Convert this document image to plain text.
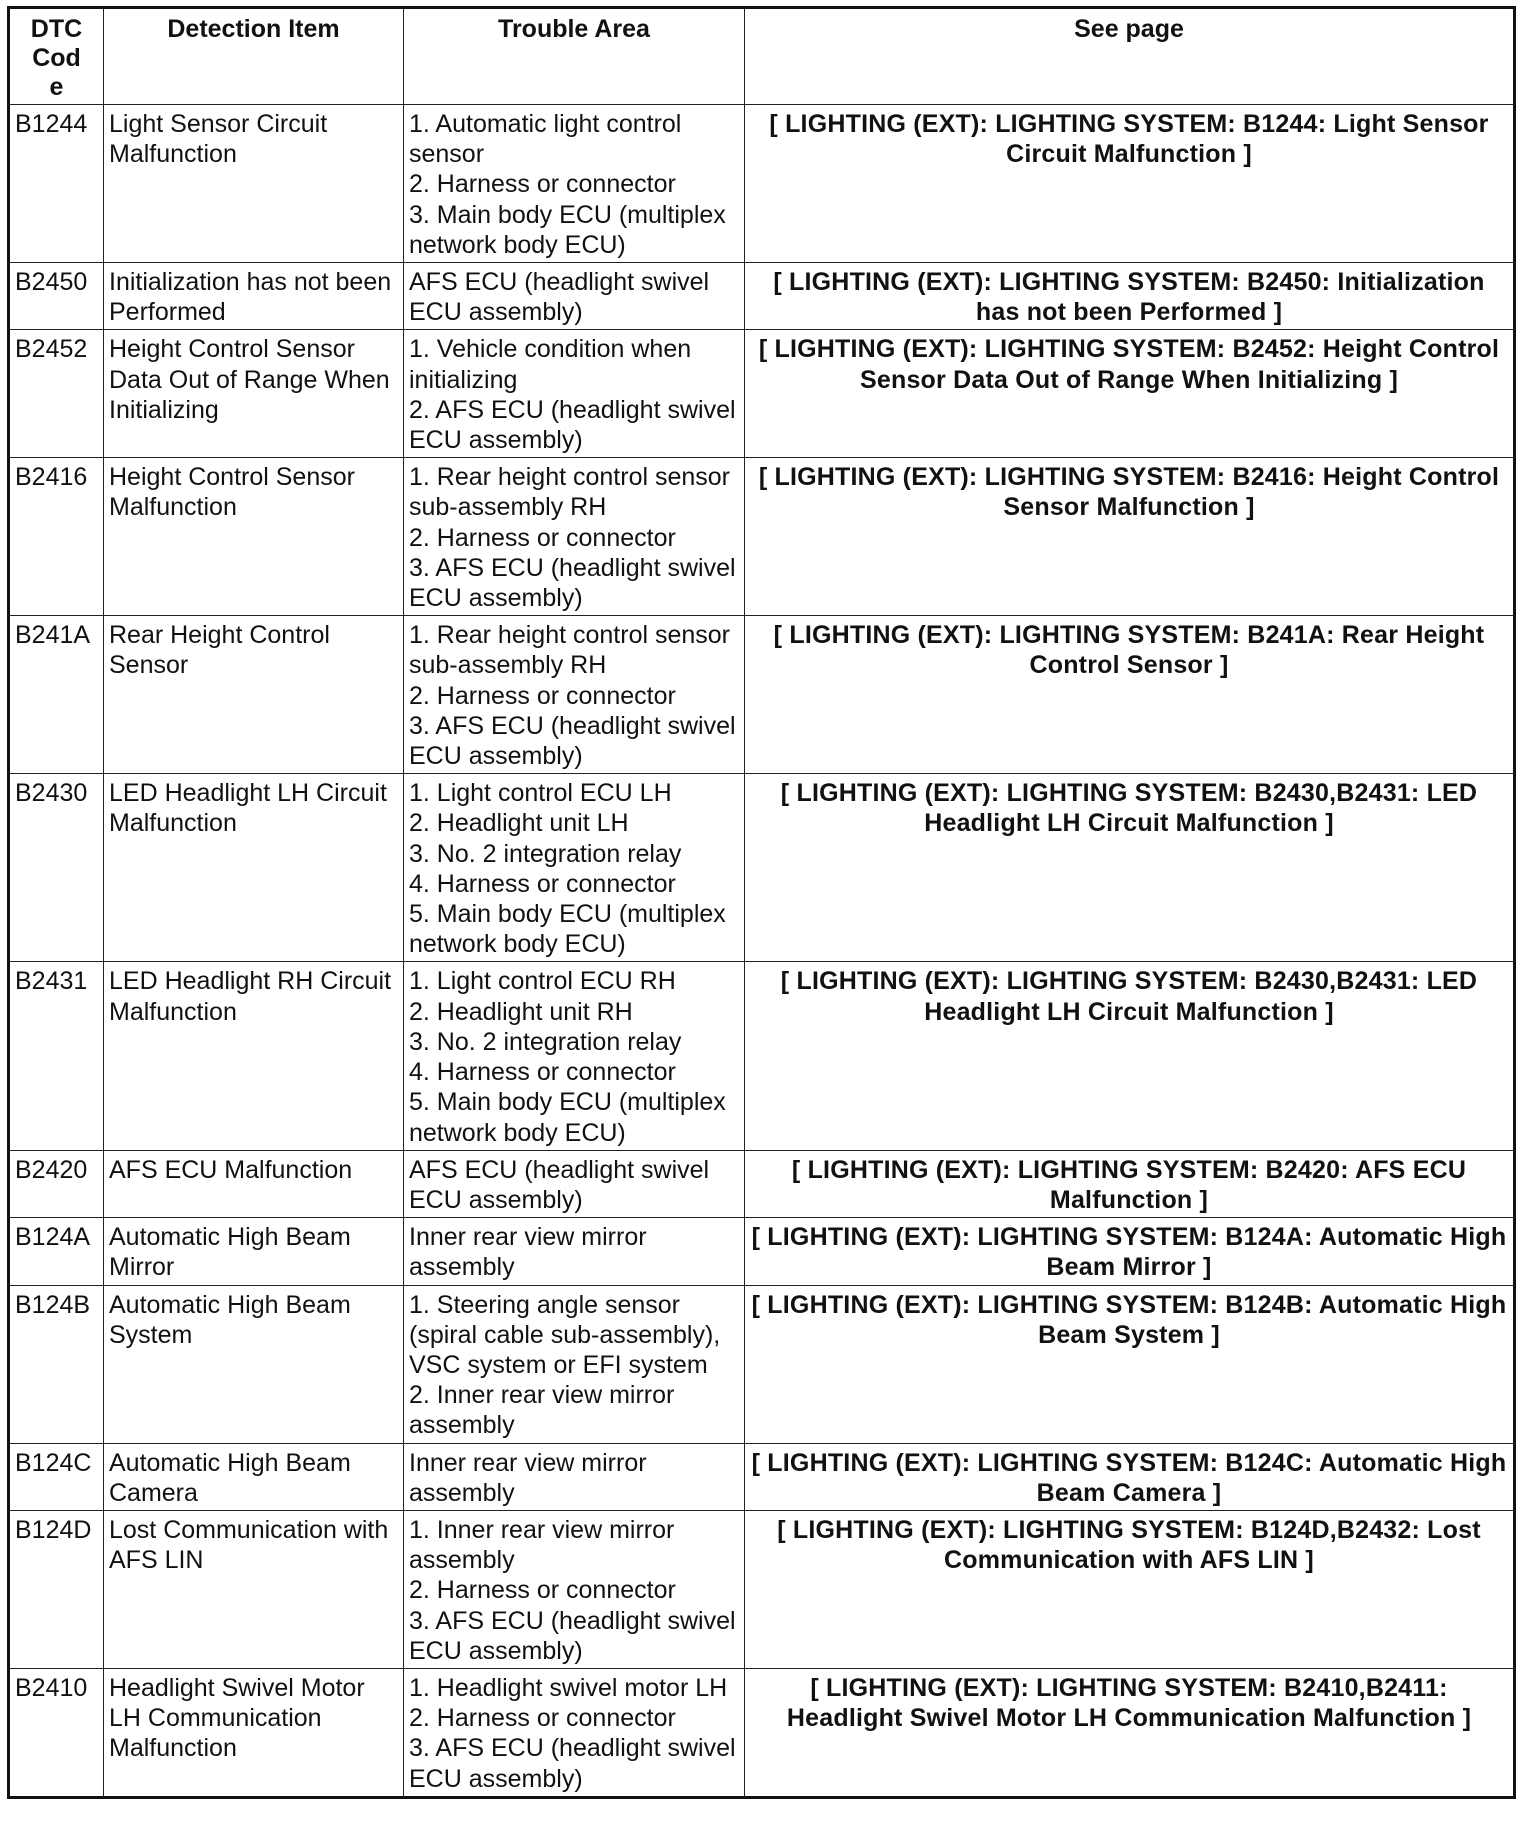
DTC Code	Detection Item	Trouble Area	See page
B1244	Light Sensor Circuit Malfunction	1. Automatic light control sensor
2. Harness or connector
3. Main body ECU (multiplex network body ECU)	[ LIGHTING (EXT): LIGHTING SYSTEM: B1244: Light Sensor Circuit Malfunction ]
B2450	Initialization has not been Performed	AFS ECU (headlight swivel ECU assembly)	[ LIGHTING (EXT): LIGHTING SYSTEM: B2450: Initialization has not been Performed ]
B2452	Height Control Sensor Data Out of Range When Initializing	1. Vehicle condition when initializing
2. AFS ECU (headlight swivel ECU assembly)	[ LIGHTING (EXT): LIGHTING SYSTEM: B2452: Height Control Sensor Data Out of Range When Initializing ]
B2416	Height Control Sensor Malfunction	1. Rear height control sensor sub-assembly RH
2. Harness or connector
3. AFS ECU (headlight swivel ECU assembly)	[ LIGHTING (EXT): LIGHTING SYSTEM: B2416: Height Control Sensor Malfunction ]
B241A	Rear Height Control Sensor	1. Rear height control sensor sub-assembly RH
2. Harness or connector
3. AFS ECU (headlight swivel ECU assembly)	[ LIGHTING (EXT): LIGHTING SYSTEM: B241A: Rear Height Control Sensor ]
B2430	LED Headlight LH Circuit Malfunction	1. Light control ECU LH
2. Headlight unit LH
3. No. 2 integration relay
4. Harness or connector
5. Main body ECU (multiplex network body ECU)	[ LIGHTING (EXT): LIGHTING SYSTEM: B2430,B2431: LED Headlight LH Circuit Malfunction ]
B2431	LED Headlight RH Circuit Malfunction	1. Light control ECU RH
2. Headlight unit RH
3. No. 2 integration relay
4. Harness or connector
5. Main body ECU (multiplex network body ECU)	[ LIGHTING (EXT): LIGHTING SYSTEM: B2430,B2431: LED Headlight LH Circuit Malfunction ]
B2420	AFS ECU Malfunction	AFS ECU (headlight swivel ECU assembly)	[ LIGHTING (EXT): LIGHTING SYSTEM: B2420: AFS ECU Malfunction ]
B124A	Automatic High Beam Mirror	Inner rear view mirror assembly	[ LIGHTING (EXT): LIGHTING SYSTEM: B124A: Automatic High Beam Mirror ]
B124B	Automatic High Beam System	1. Steering angle sensor (spiral cable sub-assembly), VSC system or EFI system
2. Inner rear view mirror assembly	[ LIGHTING (EXT): LIGHTING SYSTEM: B124B: Automatic High Beam System ]
B124C	Automatic High Beam Camera	Inner rear view mirror assembly	[ LIGHTING (EXT): LIGHTING SYSTEM: B124C: Automatic High Beam Camera ]
B124D	Lost Communication with AFS LIN	1. Inner rear view mirror assembly
2. Harness or connector
3. AFS ECU (headlight swivel ECU assembly)	[ LIGHTING (EXT): LIGHTING SYSTEM: B124D,B2432: Lost Communication with AFS LIN ]
B2410	Headlight Swivel Motor LH Communication Malfunction	1. Headlight swivel motor LH
2. Harness or connector
3. AFS ECU (headlight swivel ECU assembly)	[ LIGHTING (EXT): LIGHTING SYSTEM: B2410,B2411: Headlight Swivel Motor LH Communication Malfunction ]
